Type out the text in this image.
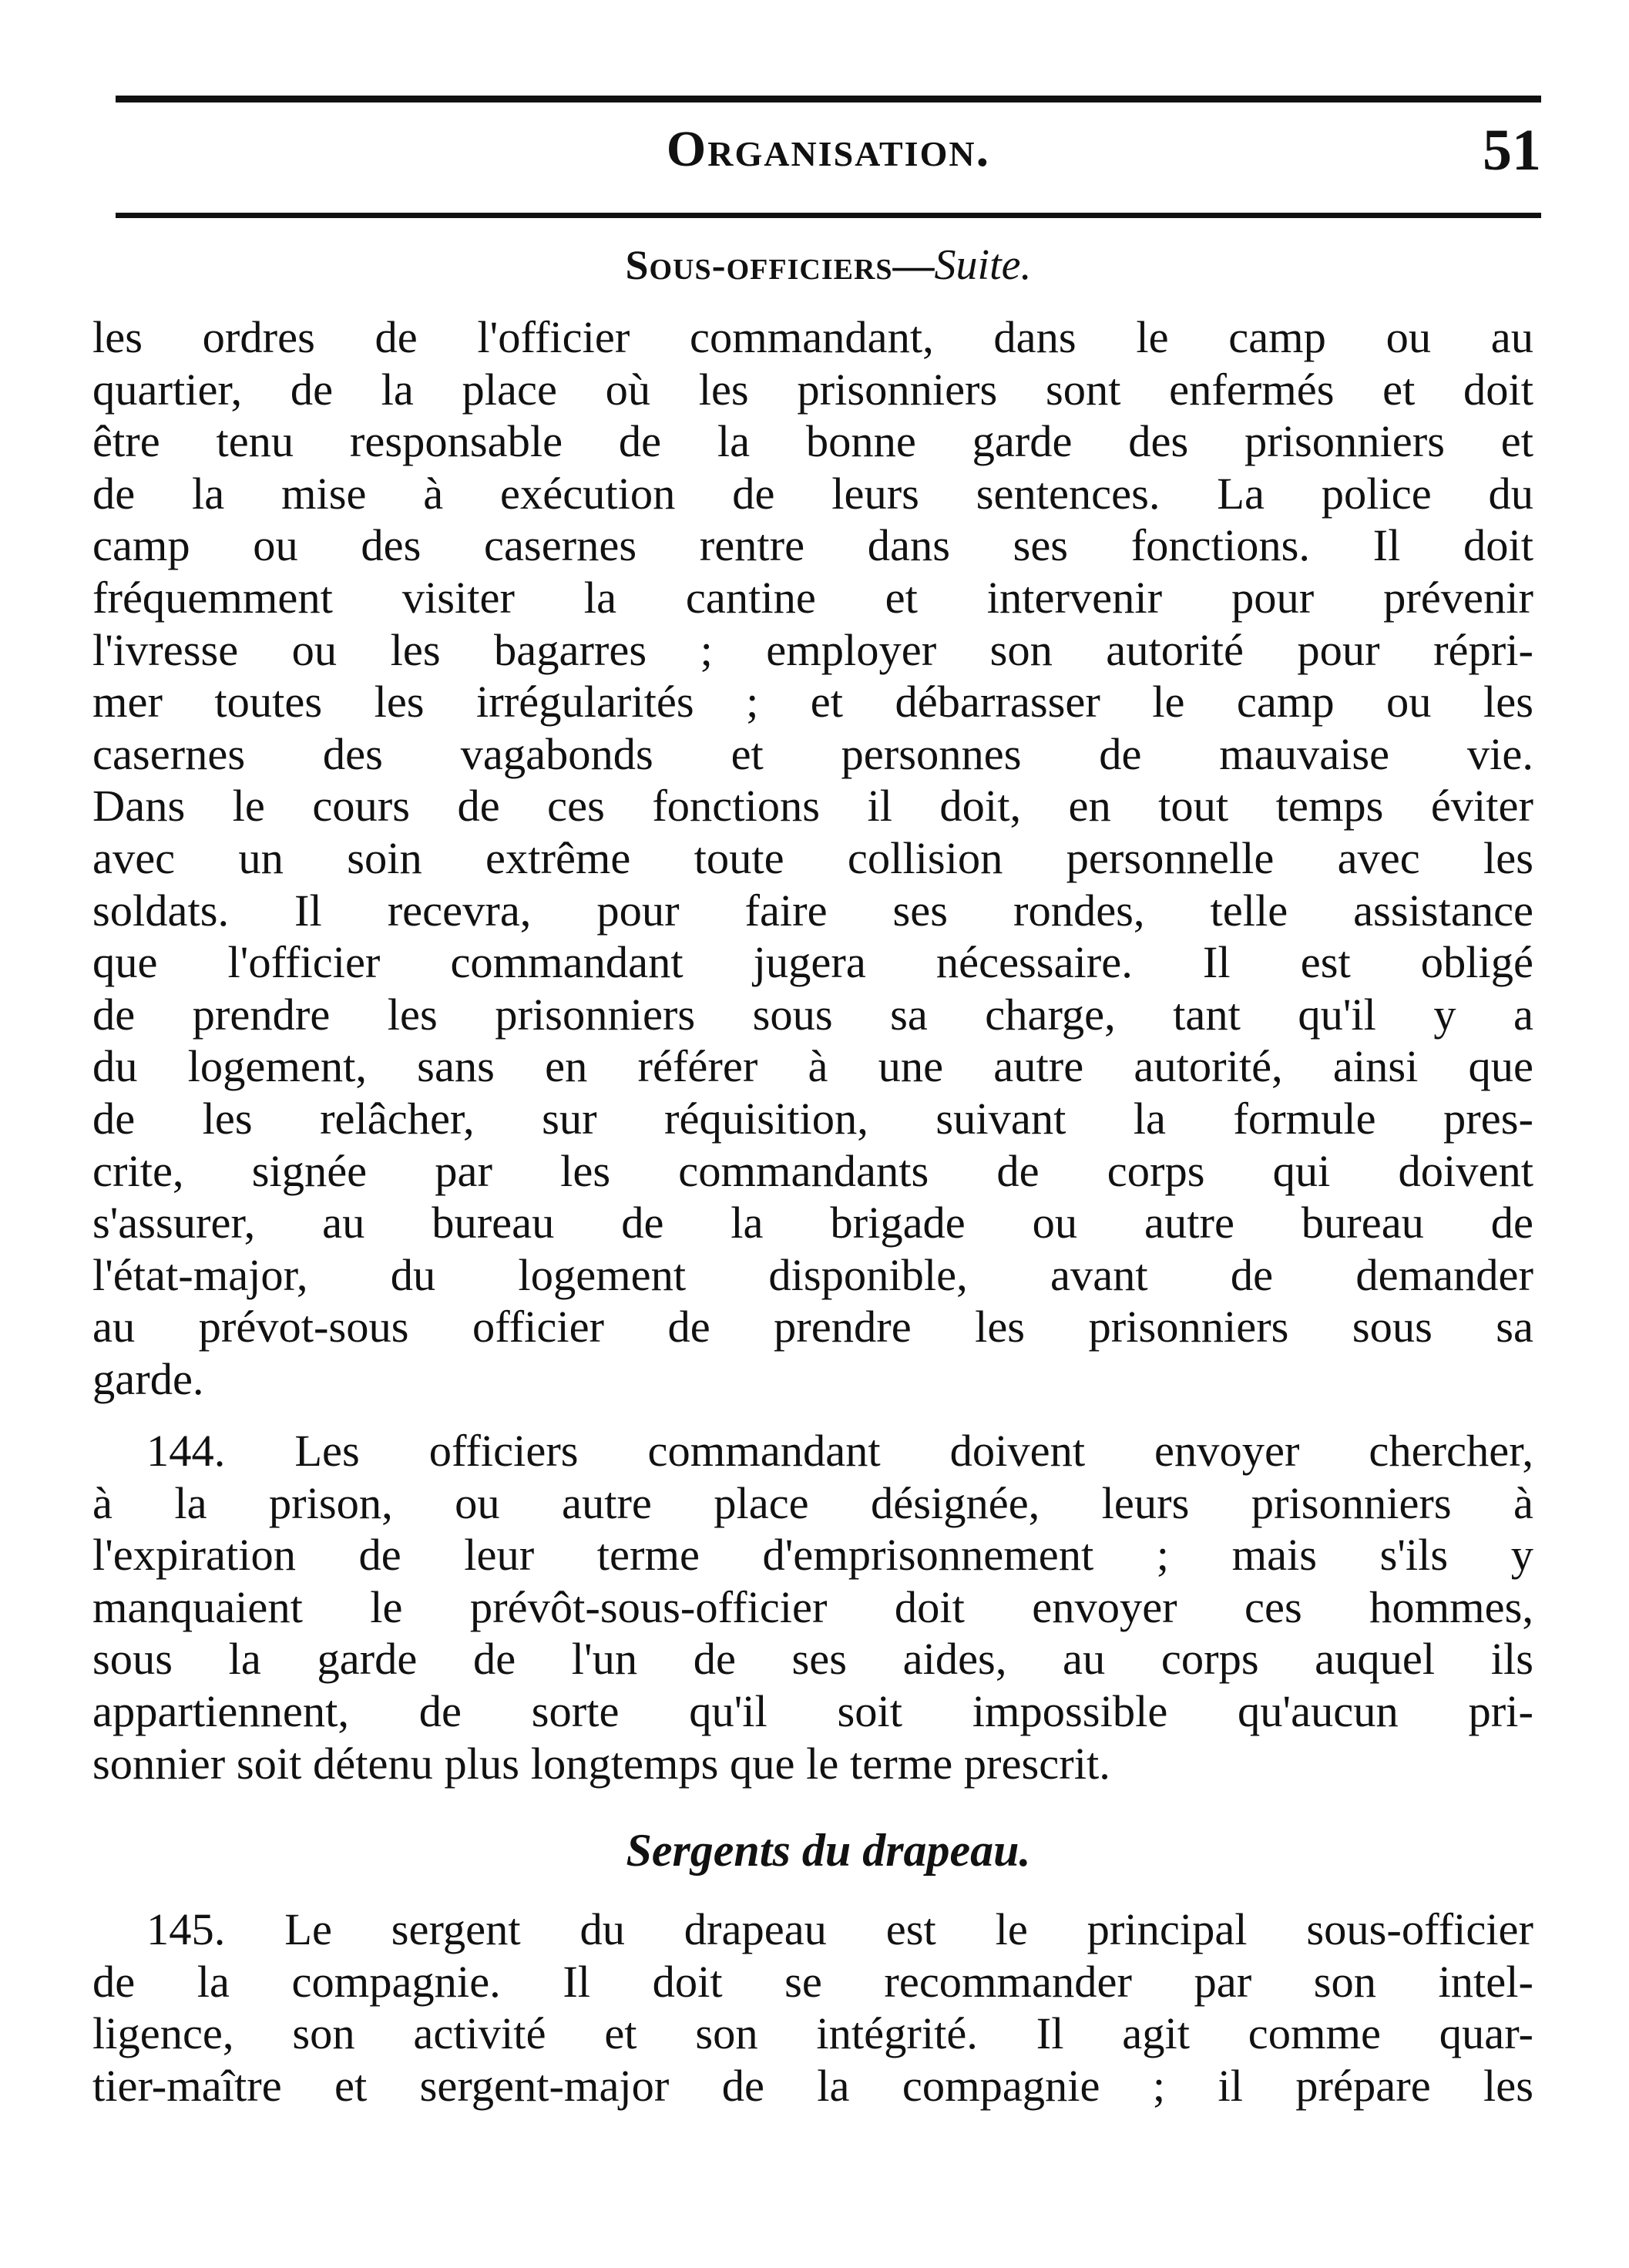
Organisation.	51
Sous-officiers—Suite.
les ordres de l'officier commandant, dans le camp ou au
quartier, de la place où les prisonniers sont enfermés et doit
être tenu responsable de la bonne garde des prisonniers et
de la mise à exécution de leurs sentences. La police du
camp ou des casernes rentre dans ses fonctions. Il doit
fréquemment visiter la cantine et intervenir pour prévenir
l'ivresse ou les bagarres ; employer son autorité pour répri-
mer toutes les irrégularités ; et débarrasser le camp ou les
casernes des vagabonds et personnes de mauvaise vie.
Dans le cours de ces fonctions il doit, en tout temps éviter
avec un soin extrême toute collision personnelle avec les
soldats. Il recevra, pour faire ses rondes, telle assistance
que l'officier commandant jugera nécessaire. Il est obligé
de prendre les prisonniers sous sa charge, tant qu'il y a
du logement, sans en référer à une autre autorité, ainsi que
de les relâcher, sur réquisition, suivant la formule pres-
crite, signée par les commandants de corps qui doivent
s'assurer, au bureau de la brigade ou autre bureau de
l'état-major, du logement disponible, avant de demander
au prévot-sous officier de prendre les prisonniers sous sa
garde.
144. Les officiers commandant doivent envoyer chercher,
à la prison, ou autre place désignée, leurs prisonniers à
l'expiration de leur terme d'emprisonnement ; mais s'ils y
manquaient le prévôt-sous-officier doit envoyer ces hommes,
sous la garde de l'un de ses aides, au corps auquel ils
appartiennent, de sorte qu'il soit impossible qu'aucun pri-
sonnier soit détenu plus longtemps que le terme prescrit.
Sergents du drapeau.
145. Le sergent du drapeau est le principal sous-officier
de la compagnie. Il doit se recommander par son intel-
ligence, son activité et son intégrité. Il agit comme quar-
tier-maître et sergent-major de la compagnie ; il prépare les
